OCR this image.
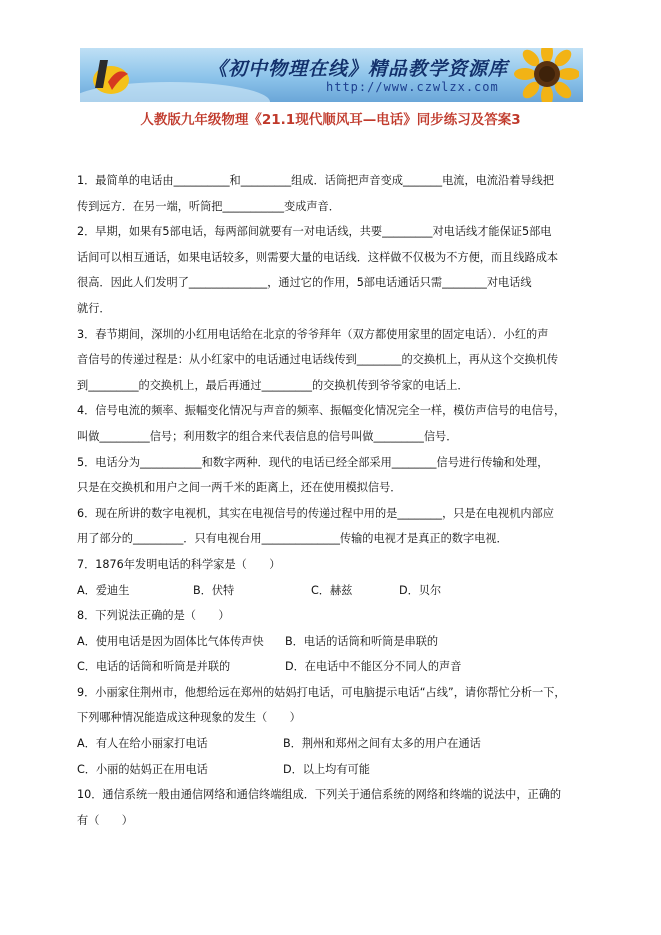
《初中物理在线》精品教学资源库
http://www.czwlzx.com
人教版九年级物理《21.1现代顺风耳—电话》同步练习及答案3
1．最简单的电话由__________和_________组成．话筒把声音变成_______电流，电流沿着导线把
传到远方．在另一端，听筒把___________变成声音．
2．早期，如果有5部电话，每两部间就要有一对电话线，共要_________对电话线才能保证5部电
话间可以相互通话，如果电话较多，则需要大量的电话线．这样做不仅极为不方便，而且线路成本
很高．因此人们发明了______________，通过它的作用，5部电话通话只需________对电话线
就行．
3．春节期间，深圳的小红用电话给在北京的爷爷拜年（双方都使用家里的固定电话）．小红的声
音信号的传递过程是：从小红家中的电话通过电话线传到________的交换机上，再从这个交换机传
到_________的交换机上，最后再通过_________的交换机传到爷爷家的电话上．
4．信号电流的频率、振幅变化情况与声音的频率、振幅变化情况完全一样，模仿声信号的电信号，
叫做_________信号；利用数字的组合来代表信息的信号叫做_________信号．
5．电话分为___________和数字两种．现代的电话已经全部采用________信号进行传输和处理，
只是在交换机和用户之间一两千米的距离上，还在使用模拟信号．
6．现在所讲的数字电视机，其实在电视信号的传递过程中用的是________，只是在电视机内部应
用了部分的_________．只有电视台用______________传输的电视才是真正的数字电视．
7．1876年发明电话的科学家是（　　）
A．爱迪生	B．伏特	C．赫兹	D．贝尔
8．下列说法正确的是（　　）
A．使用电话是因为固体比气体传声快	B．电话的话筒和听筒是串联的
C．电话的话筒和听筒是并联的	D．在电话中不能区分不同人的声音
9．小丽家住荆州市，他想给远在郑州的姑妈打电话，可电脑提示电话“占线”，请你帮忙分析一下，
下列哪种情况能造成这种现象的发生（　　）
A．有人在给小丽家打电话	B．荆州和郑州之间有太多的用户在通话
C．小丽的姑妈正在用电话	D．以上均有可能
10．通信系统一般由通信网络和通信终端组成．下列关于通信系统的网络和终端的说法中，正确的
有（　　）
